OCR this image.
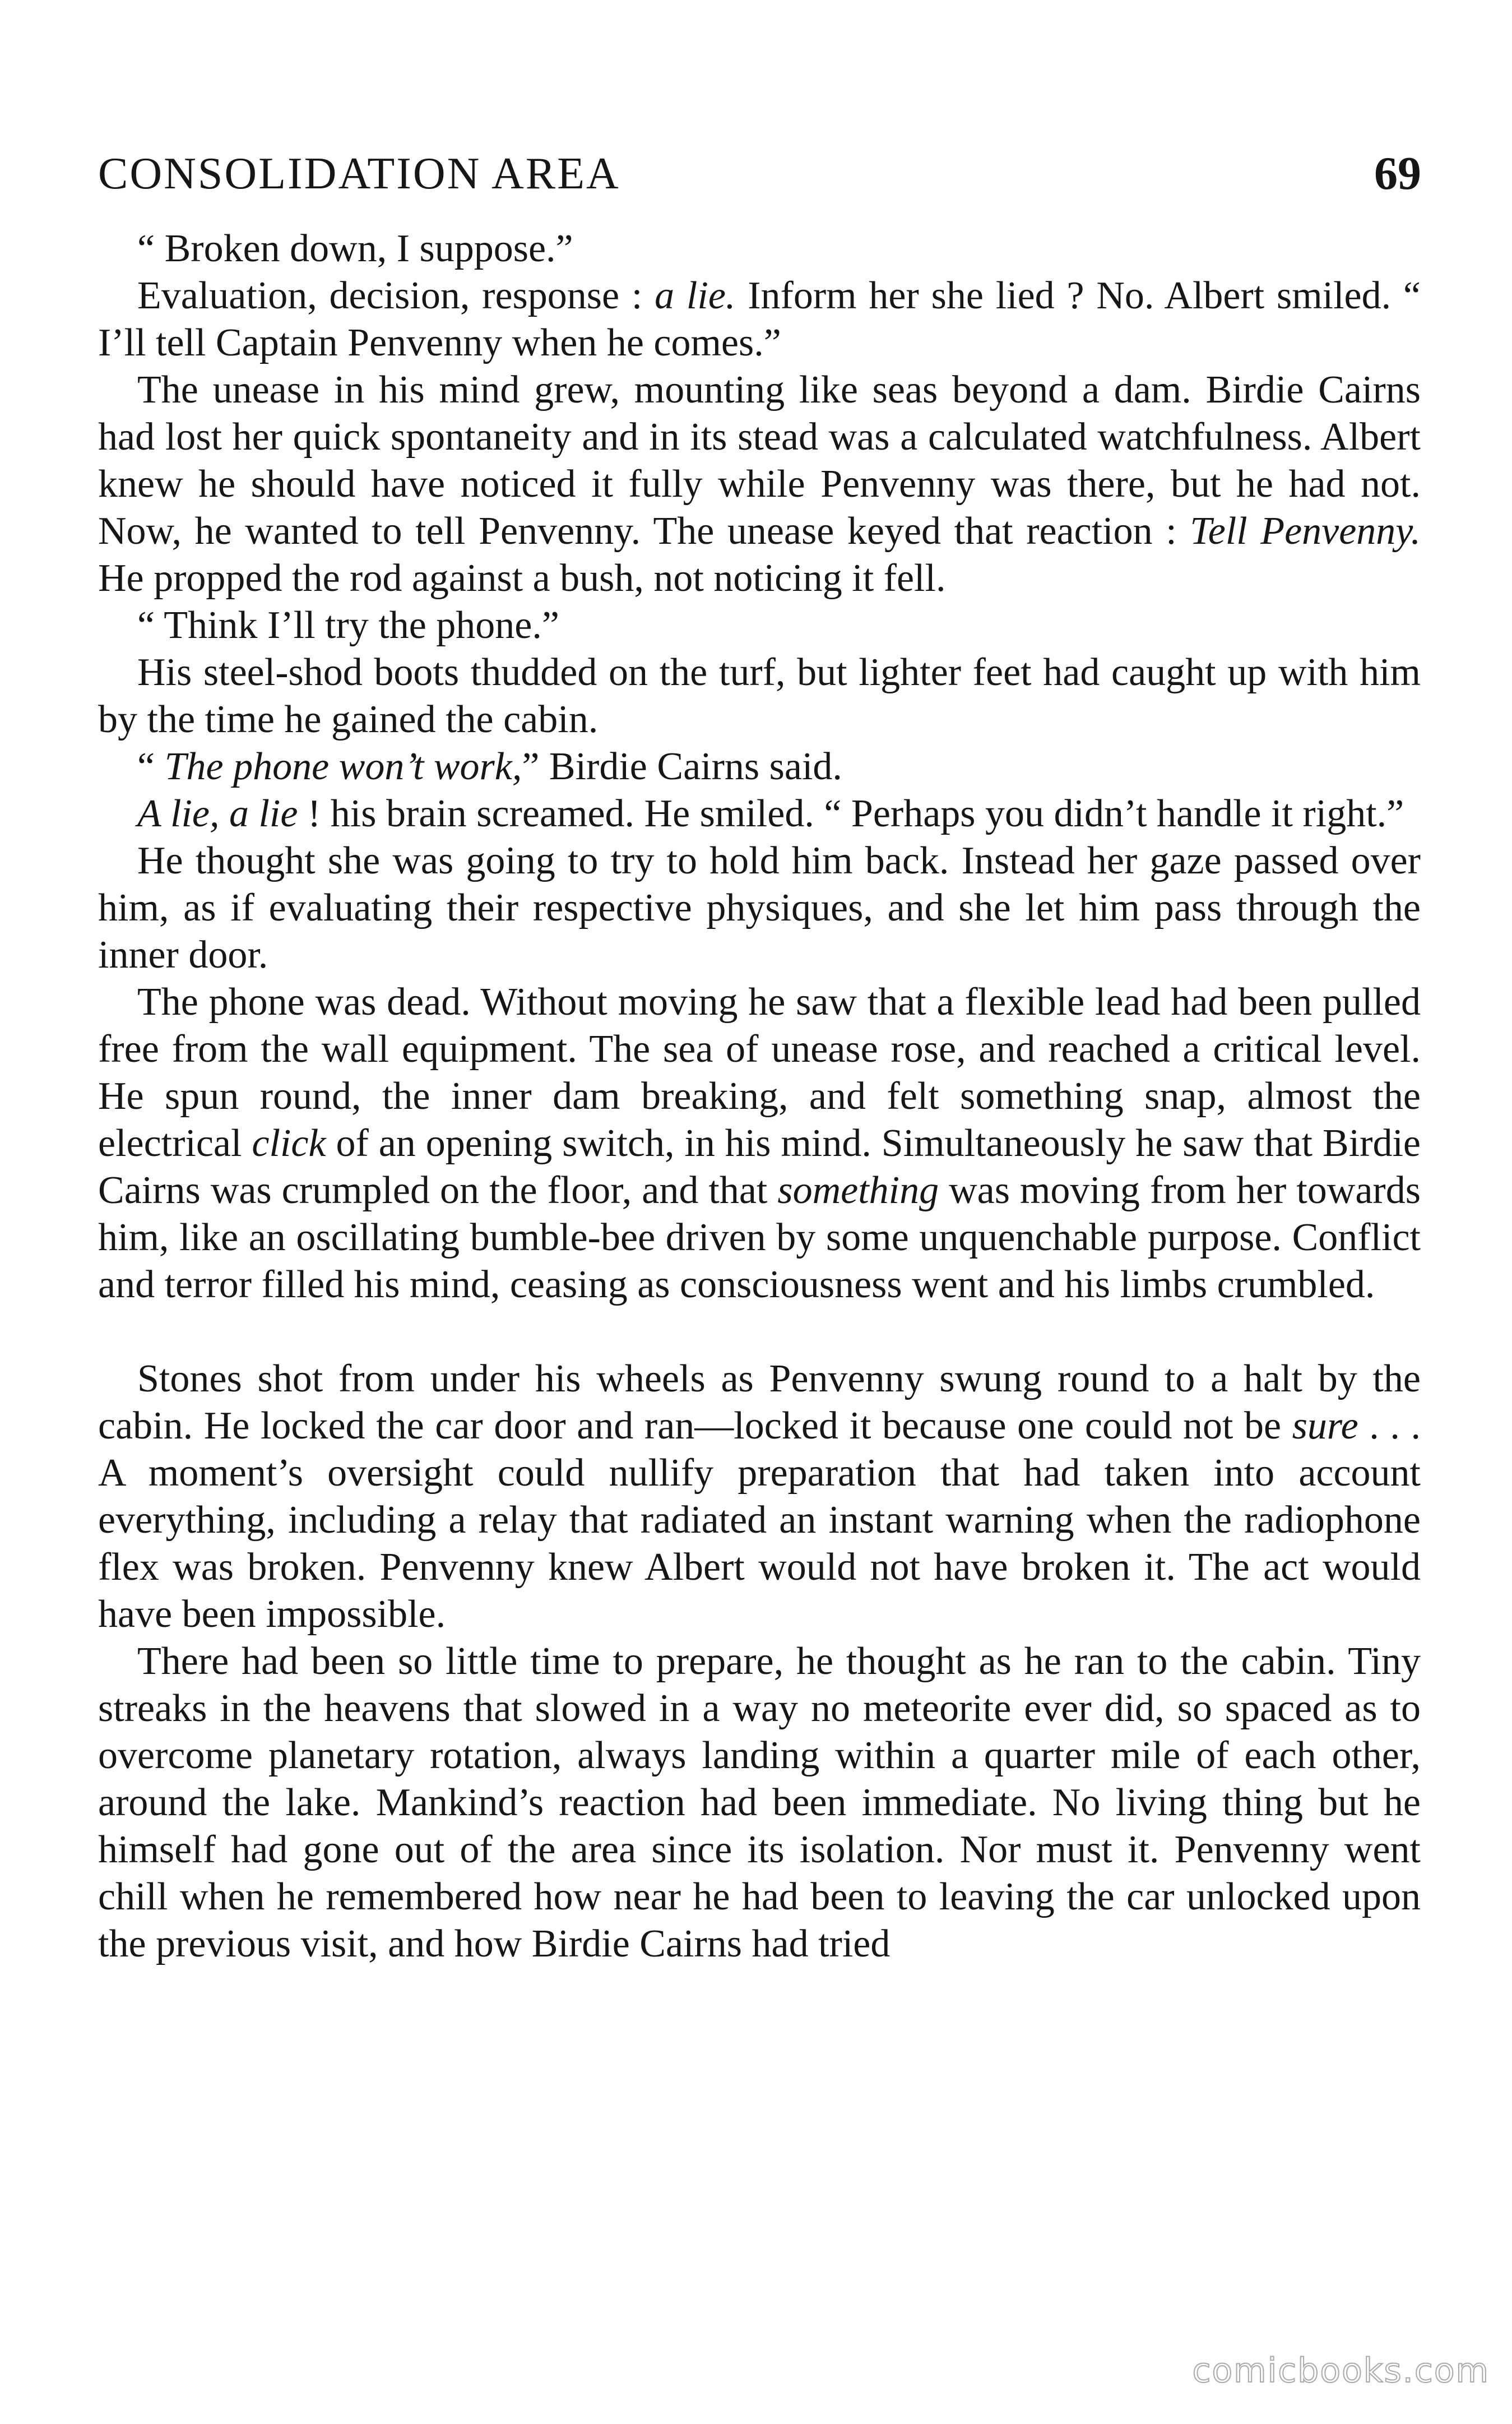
CONSOLIDATION AREA	69

“ Broken down, I suppose.”

Evaluation, decision, response : a lie. Inform her she lied ? No. Albert smiled. “ I’ll tell Captain Penvenny when he comes.”

The unease in his mind grew, mounting like seas beyond a dam. Birdie Cairns had lost her quick spontaneity and in its stead was a calculated watchfulness. Albert knew he should have noticed it fully while Penvenny was there, but he had not. Now, he wanted to tell Penvenny. The unease keyed that reaction : Tell Penvenny. He propped the rod against a bush, not noticing it fell.

“ Think I’ll try the phone.”

His steel-shod boots thudded on the turf, but lighter feet had caught up with him by the time he gained the cabin.

“ The phone won’t work,” Birdie Cairns said.

A lie, a lie ! his brain screamed. He smiled. “ Perhaps you didn’t handle it right.”

He thought she was going to try to hold him back. Instead her gaze passed over him, as if evaluating their respective physiques, and she let him pass through the inner door.

The phone was dead. Without moving he saw that a flexible lead had been pulled free from the wall equipment. The sea of unease rose, and reached a critical level. He spun round, the inner dam breaking, and felt something snap, almost the electrical click of an opening switch, in his mind. Simultaneously he saw that Birdie Cairns was crumpled on the floor, and that something was moving from her towards him, like an oscillating bumble-bee driven by some unquenchable purpose. Conflict and terror filled his mind, ceasing as consciousness went and his limbs crumbled.

Stones shot from under his wheels as Penvenny swung round to a halt by the cabin. He locked the car door and ran—locked it because one could not be sure . . . A moment’s oversight could nullify preparation that had taken into account everything, including a relay that radiated an instant warning when the radiophone flex was broken. Penvenny knew Albert would not have broken it. The act would have been impossible.

There had been so little time to prepare, he thought as he ran to the cabin. Tiny streaks in the heavens that slowed in a way no meteorite ever did, so spaced as to overcome planetary rotation, always landing within a quarter mile of each other, around the lake. Mankind’s reaction had been immediate. No living thing but he himself had gone out of the area since its isolation. Nor must it. Penvenny went chill when he remembered how near he had been to leaving the car unlocked upon the previous visit, and how Birdie Cairns had tried

comicbooks.com
